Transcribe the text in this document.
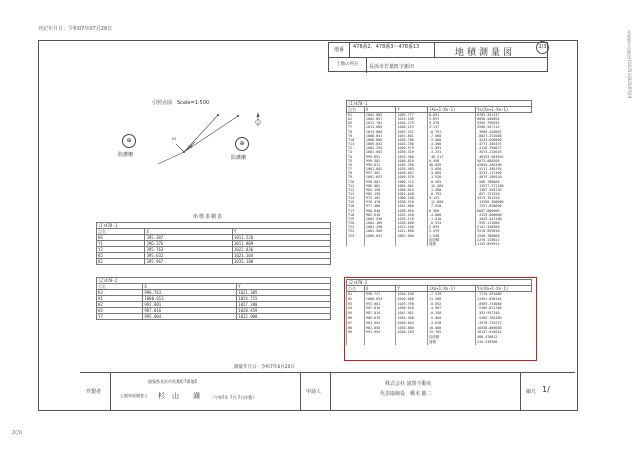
登記年月日：令和07年07月29日
長岡地方法務局(10225)/2025/07/29
2(3)
地番	478番2、478番3〜478番13
土地の所在	長浜市若葉町字新田
地積測量図
2/3
引照点図　Scale=1:500
K6
K2
⊕
防護柵
⊕
防護柵
座標求積表
(1)478-1		
点名	X	Y
K6	395.307	1011.528
Y1	396.376	1011.809
Y2	395.763	1022.836
K5	395.632	1023.104
K2	395.967	1035.180
(2)478-2		
点名	X	Y
K3	998.763	1021.305
H1	1000.653	1024.715
H2	992.001	1027.380
H3	987.016	1028.459
Y7	995.004	1022.008
(1)478-1				
点名	X	Y	(Xn+1-Xn-1)	Yn(Xn+1-Xn-1)
K1	1002.885	1003.777	8.891	8785.331137
K2	1004.857	1015.109	3.697	6096.500894
K3	1011.782	1044.729	9.378	9356.790545
T7	1013.685	1048.219	3.137	3206.567112
T8	1014.868	1049.252	-0.751	-3900.410662
T9	1008.841	1067.801	-7.560	-8027.252008
T10	1006.806	1049.786	-3.000	-3243.600000
T11	1005.852	1045.786	-4.300	-4771.305475
T2	1002.294	1040.579	-5.093	-4136.764677
T3	1001.601	1038.319	-3.231	-3574.215619
T4	999.851	1053.308	-48.217	-48153.903032
T5	999.302	1048.818	0.998	5073.088200
T6	995.672	1049.298	40.049	42044.280196
T7	1001.602	1035.405	-5.050	-5111.386195
T8	997.562	1048.007	-3.085	-3233.117460
T9	1001.657	1040.570	-3.928	-4079.209520
T10	998.801	1080.713	-0.265	-286.788660
T11	986.062	1081.001	-12.560	-13577.371286
T12	985.190	1084.024	-1.280	-1387.550720
T13	985.190	1081.640	-0.793	-857.731520
T14	973.102	1080.250	3.125	3375.781250
T15	976.470	1038.310	-12.800	-13290.368000
T16	977.480	1041.060	-7.010	-7297.830600
T17	980.840	1038.850	6.360	6607.086000
T18	982.610	1032.450	-4.000	-4129.800000
T19	1002.530	1033.110	-1.010	-1043.441100
T20	1004.160	1028.600	-0.913	-939.111800
T21	1003.290	1023.100	2.093	2141.348300
T22	1001.560	1011.890	3.529	3570.959810
T23	1000.842	1007.000	1.540	1550.780000
			倍面積	2270.119822
			面積	1135.059911
(2)478-2				
点名	X	Y	(Xn+1-Xn-1)	Yn(Xn+1-Xn-1)
H1	998.727	1026.106	-7.519	-7715.391066
H2	1000.653	1026.008	11.268	11561.058144
H3	992.001	1029.790	-8.652	-8909.743080
H4	987.016	1036.018	-4.987	-5166.621766
H5	987.014	1041.051	-0.340	-353.957340
H6	986.676	1045.408	-5.060	-5289.764480
H7	981.954	1040.004	-3.818	-3970.735272
H8	982.858	1033.806	10.000	10338.060000
H9	991.954	1028.183	15.705	16147.614015
			倍面積	488.478612
			面積	244.239306
測量年月日：令和7年6月25日
作製者
滋賀県長浜市若葉町7番地5
土地家屋調査士 杉　山　　満	（令和7年 7月 7日作製）
申請人
株式会社 滋賀不動産
代表取締役　橋本 龍二	縮尺 1/
